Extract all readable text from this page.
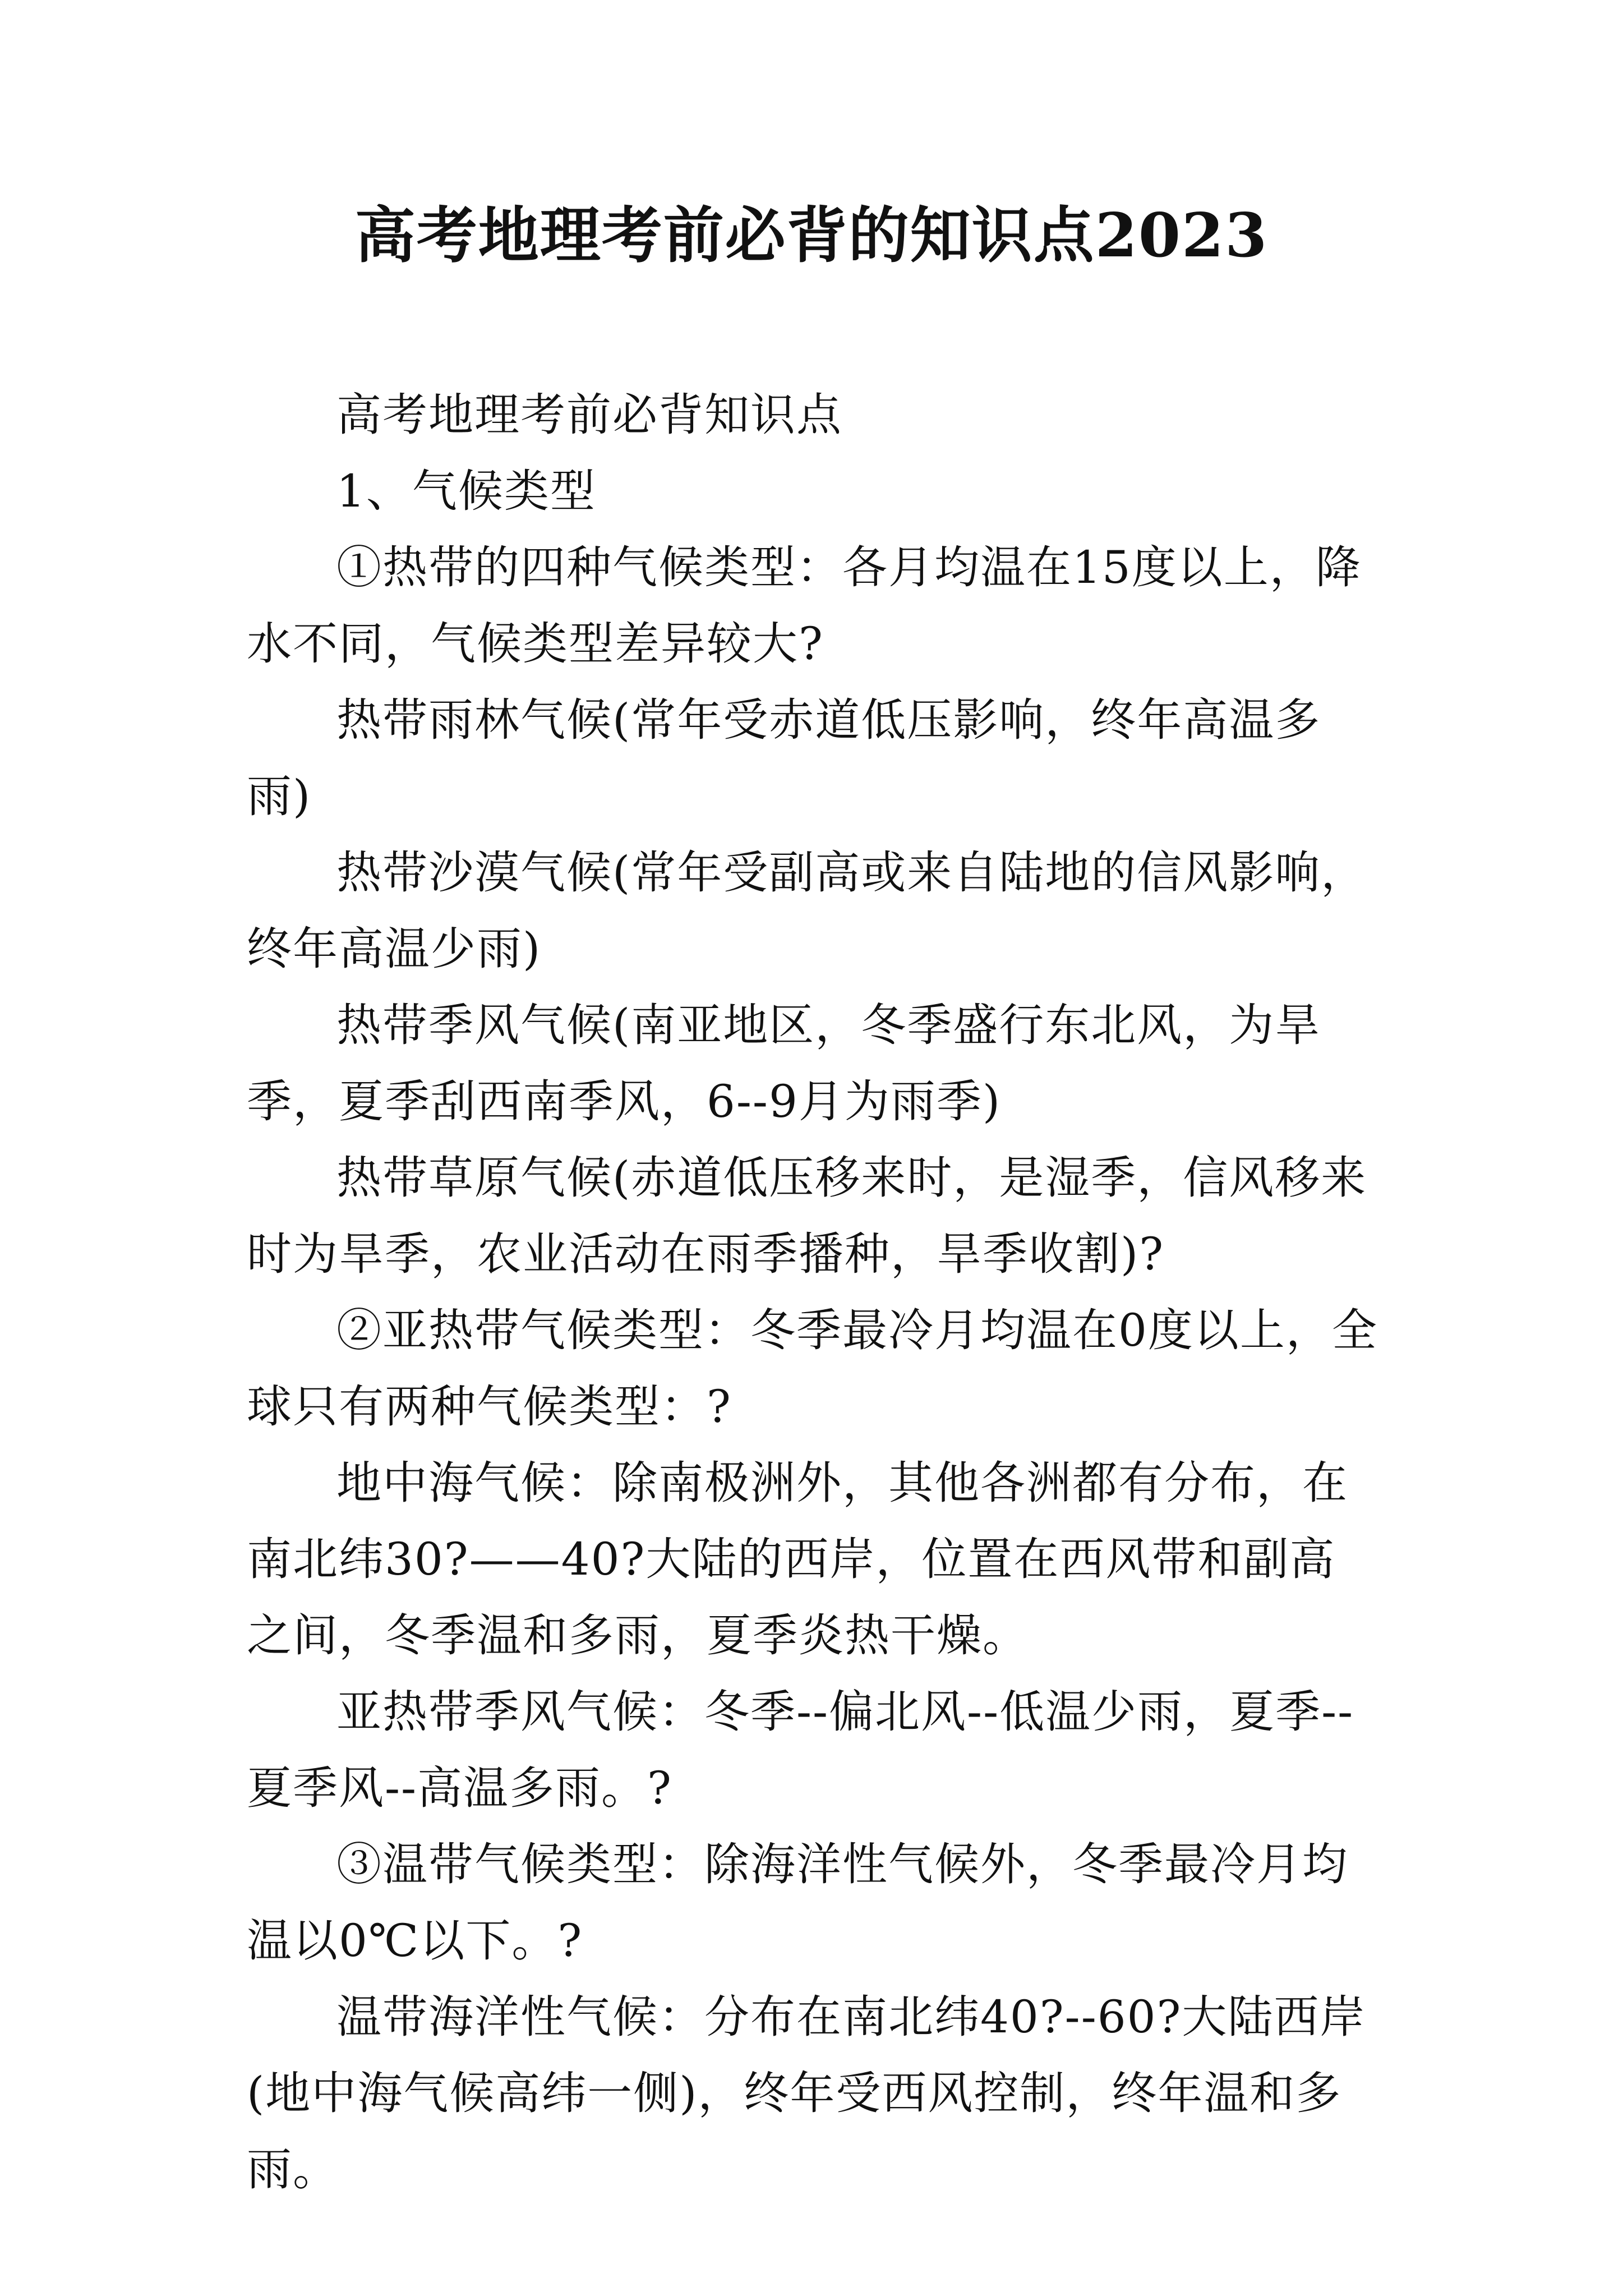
高考地理考前必背的知识点2023

高考地理考前必背知识点

1、气候类型

①热带的四种气候类型：各月均温在15度以上，降水不同，气候类型差异较大?

热带雨林气候(常年受赤道低压影响，终年高温多雨)

热带沙漠气候(常年受副高或来自陆地的信风影响，终年高温少雨)

热带季风气候(南亚地区，冬季盛行东北风，为旱季，夏季刮西南季风，6--9月为雨季)

热带草原气候(赤道低压移来时，是湿季，信风移来时为旱季，农业活动在雨季播种，旱季收割)?

②亚热带气候类型：冬季最冷月均温在0度以上，全球只有两种气候类型：?

地中海气候：除南极洲外，其他各洲都有分布，在南北纬30?——40?大陆的西岸，位置在西风带和副高之间，冬季温和多雨，夏季炎热干燥。

亚热带季风气候：冬季--偏北风--低温少雨，夏季--夏季风--高温多雨。?

③温带气候类型：除海洋性气候外，冬季最冷月均温以0℃以下。?

温带海洋性气候：分布在南北纬40?--60?大陆西岸(地中海气候高纬一侧)，终年受西风控制，终年温和多雨。
